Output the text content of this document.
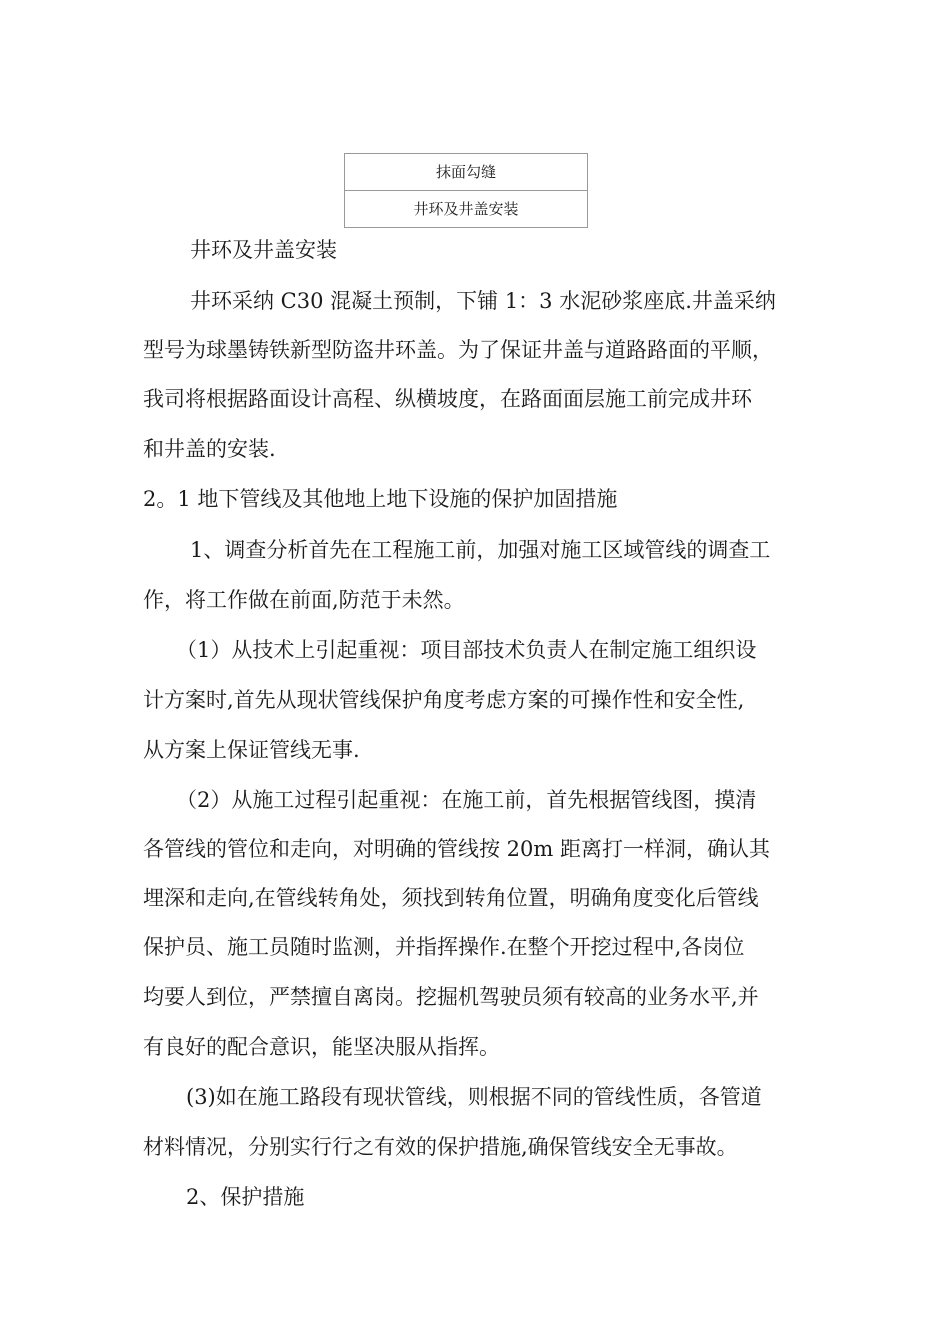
抹面勾缝
井环及井盖安装
井环及井盖安装
井环采纳 C30 混凝土预制，下铺 1：3 水泥砂浆座底.井盖采纳
型号为球墨铸铁新型防盗井环盖。为了保证井盖与道路路面的平顺，
我司将根据路面设计高程、纵横坡度，在路面面层施工前完成井环
和井盖的安装.
2。1 地下管线及其他地上地下设施的保护加固措施
1、调查分析首先在工程施工前，加强对施工区域管线的调查工
作，将工作做在前面,防范于未然。
（1）从技术上引起重视：项目部技术负责人在制定施工组织设
计方案时,首先从现状管线保护角度考虑方案的可操作性和安全性,
从方案上保证管线无事.
（2）从施工过程引起重视：在施工前，首先根据管线图，摸清
各管线的管位和走向，对明确的管线按 20m 距离打一样洞，确认其
埋深和走向,在管线转角处，须找到转角位置，明确角度变化后管线
保护员、施工员随时监测，并指挥操作.在整个开挖过程中,各岗位
均要人到位，严禁擅自离岗。挖掘机驾驶员须有较高的业务水平,并
有良好的配合意识，能坚决服从指挥。
(3)如在施工路段有现状管线，则根据不同的管线性质，各管道
材料情况，分别实行行之有效的保护措施,确保管线安全无事故。
2、保护措施
